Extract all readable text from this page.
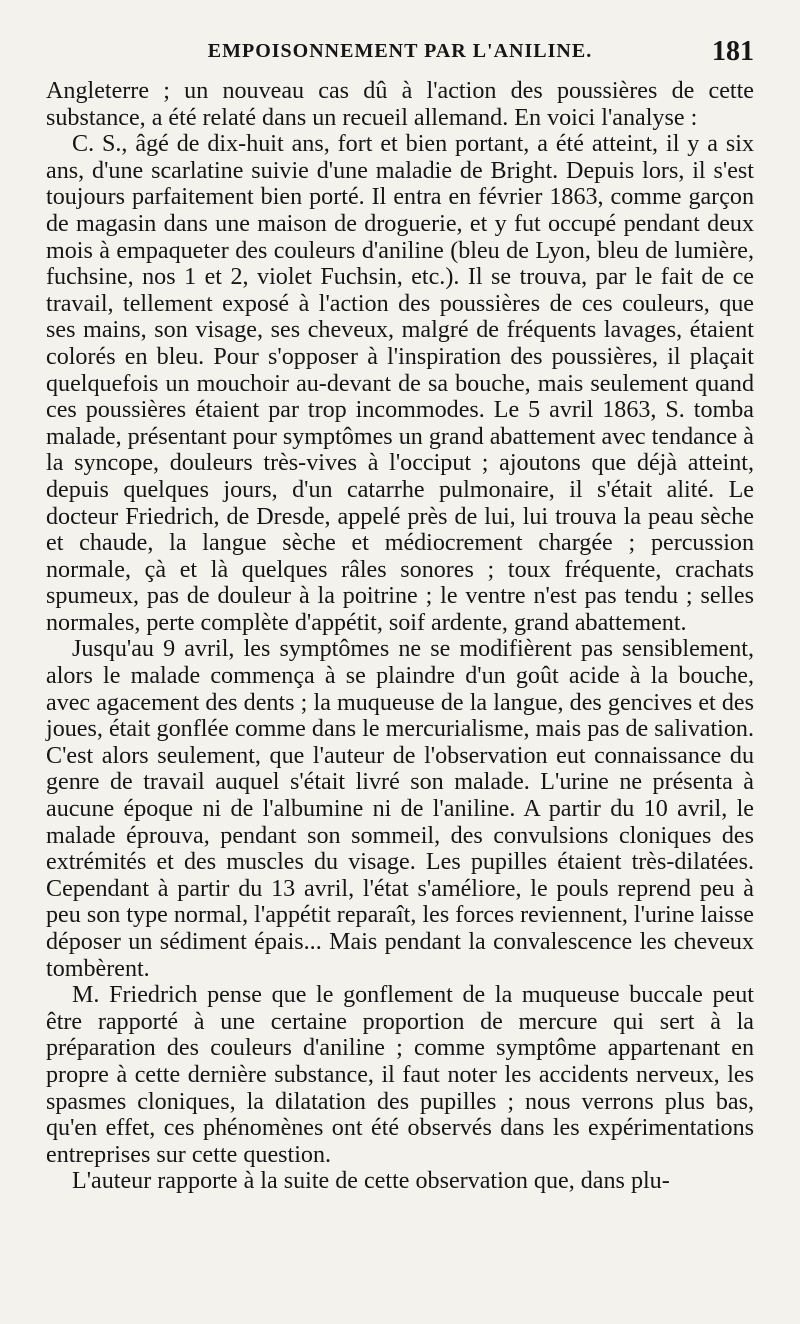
EMPOISONNEMENT PAR L'ANILINE.	181

Angleterre ; un nouveau cas dû à l'action des poussières de cette substance, a été relaté dans un recueil allemand. En voici l'analyse :

C. S., âgé de dix-huit ans, fort et bien portant, a été atteint, il y a six ans, d'une scarlatine suivie d'une maladie de Bright. Depuis lors, il s'est toujours parfaitement bien porté. Il entra en février 1863, comme garçon de magasin dans une maison de droguerie, et y fut occupé pendant deux mois à empaqueter des couleurs d'aniline (bleu de Lyon, bleu de lumière, fuchsine, nos 1 et 2, violet Fuchsin, etc.). Il se trouva, par le fait de ce travail, tellement exposé à l'action des poussières de ces couleurs, que ses mains, son visage, ses cheveux, malgré de fréquents lavages, étaient colorés en bleu. Pour s'opposer à l'inspiration des poussières, il plaçait quelquefois un mouchoir au-devant de sa bouche, mais seulement quand ces poussières étaient par trop incommodes. Le 5 avril 1863, S. tomba malade, présentant pour symptômes un grand abattement avec tendance à la syncope, douleurs très-vives à l'occiput ; ajoutons que déjà atteint, depuis quelques jours, d'un catarrhe pulmonaire, il s'était alité. Le docteur Friedrich, de Dresde, appelé près de lui, lui trouva la peau sèche et chaude, la langue sèche et médiocrement chargée ; percussion normale, çà et là quelques râles sonores ; toux fréquente, crachats spumeux, pas de douleur à la poitrine ; le ventre n'est pas tendu ; selles normales, perte complète d'appétit, soif ardente, grand abattement.

Jusqu'au 9 avril, les symptômes ne se modifièrent pas sensiblement, alors le malade commença à se plaindre d'un goût acide à la bouche, avec agacement des dents ; la muqueuse de la langue, des gencives et des joues, était gonflée comme dans le mercurialisme, mais pas de salivation. C'est alors seulement, que l'auteur de l'observation eut connaissance du genre de travail auquel s'était livré son malade. L'urine ne présenta à aucune époque ni de l'albumine ni de l'aniline. A partir du 10 avril, le malade éprouva, pendant son sommeil, des convulsions cloniques des extrémités et des muscles du visage. Les pupilles étaient très-dilatées. Cependant à partir du 13 avril, l'état s'améliore, le pouls reprend peu à peu son type normal, l'appétit reparaît, les forces reviennent, l'urine laisse déposer un sédiment épais... Mais pendant la convalescence les cheveux tombèrent.

M. Friedrich pense que le gonflement de la muqueuse buccale peut être rapporté à une certaine proportion de mercure qui sert à la préparation des couleurs d'aniline ; comme symptôme appartenant en propre à cette dernière substance, il faut noter les accidents nerveux, les spasmes cloniques, la dilatation des pupilles ; nous verrons plus bas, qu'en effet, ces phénomènes ont été observés dans les expérimentations entreprises sur cette question.

L'auteur rapporte à la suite de cette observation que, dans plu-
